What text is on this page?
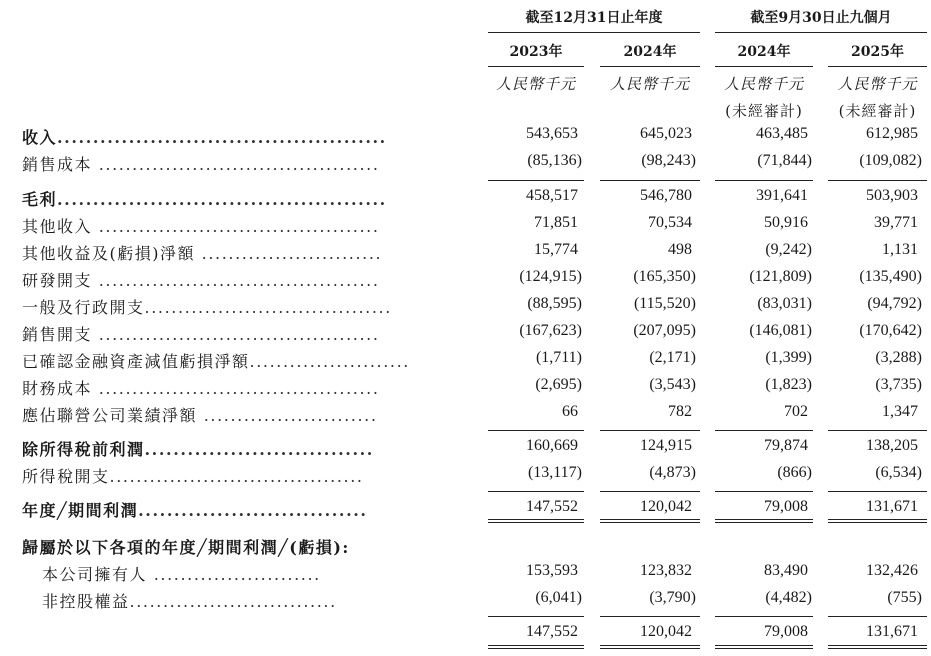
截至12月31日止年度	截至9月30日止九個月
2023年	2024年	2024年	2025年
人民幣千元	人民幣千元	人民幣千元	人民幣千元
(未經審計)	(未經審計)
收入..............................................	543,653	645,023	463,485	612,985
銷售成本 ..........................................	(85,136)	(98,243)	(71,844)	(109,082)
毛利..............................................	458,517	546,780	391,641	503,903
其他收入 ..........................................	71,851	70,534	50,916	39,771
其他收益及(虧損)淨額 ...........................	15,774	498	(9,242)	1,131
研發開支 ..........................................	(124,915)	(165,350)	(121,809)	(135,490)
一般及行政開支.....................................	(88,595)	(115,520)	(83,031)	(94,792)
銷售開支 ..........................................	(167,623)	(207,095)	(146,081)	(170,642)
已確認金融資產減值虧損淨額........................	(1,711)	(2,171)	(1,399)	(3,288)
財務成本 ..........................................	(2,695)	(3,543)	(1,823)	(3,735)
應佔聯營公司業績淨額 ..........................	66	782	702	1,347
除所得稅前利潤................................	160,669	124,915	79,874	138,205
所得稅開支......................................	(13,117)	(4,873)	(866)	(6,534)
年度╱期間利潤................................	147,552	120,042	79,008	131,671
歸屬於以下各項的年度╱期間利潤╱(虧損):
本公司擁有人 .........................	153,593	123,832	83,490	132,426
非控股權益...............................	(6,041)	(3,790)	(4,482)	(755)
147,552	120,042	79,008	131,671
